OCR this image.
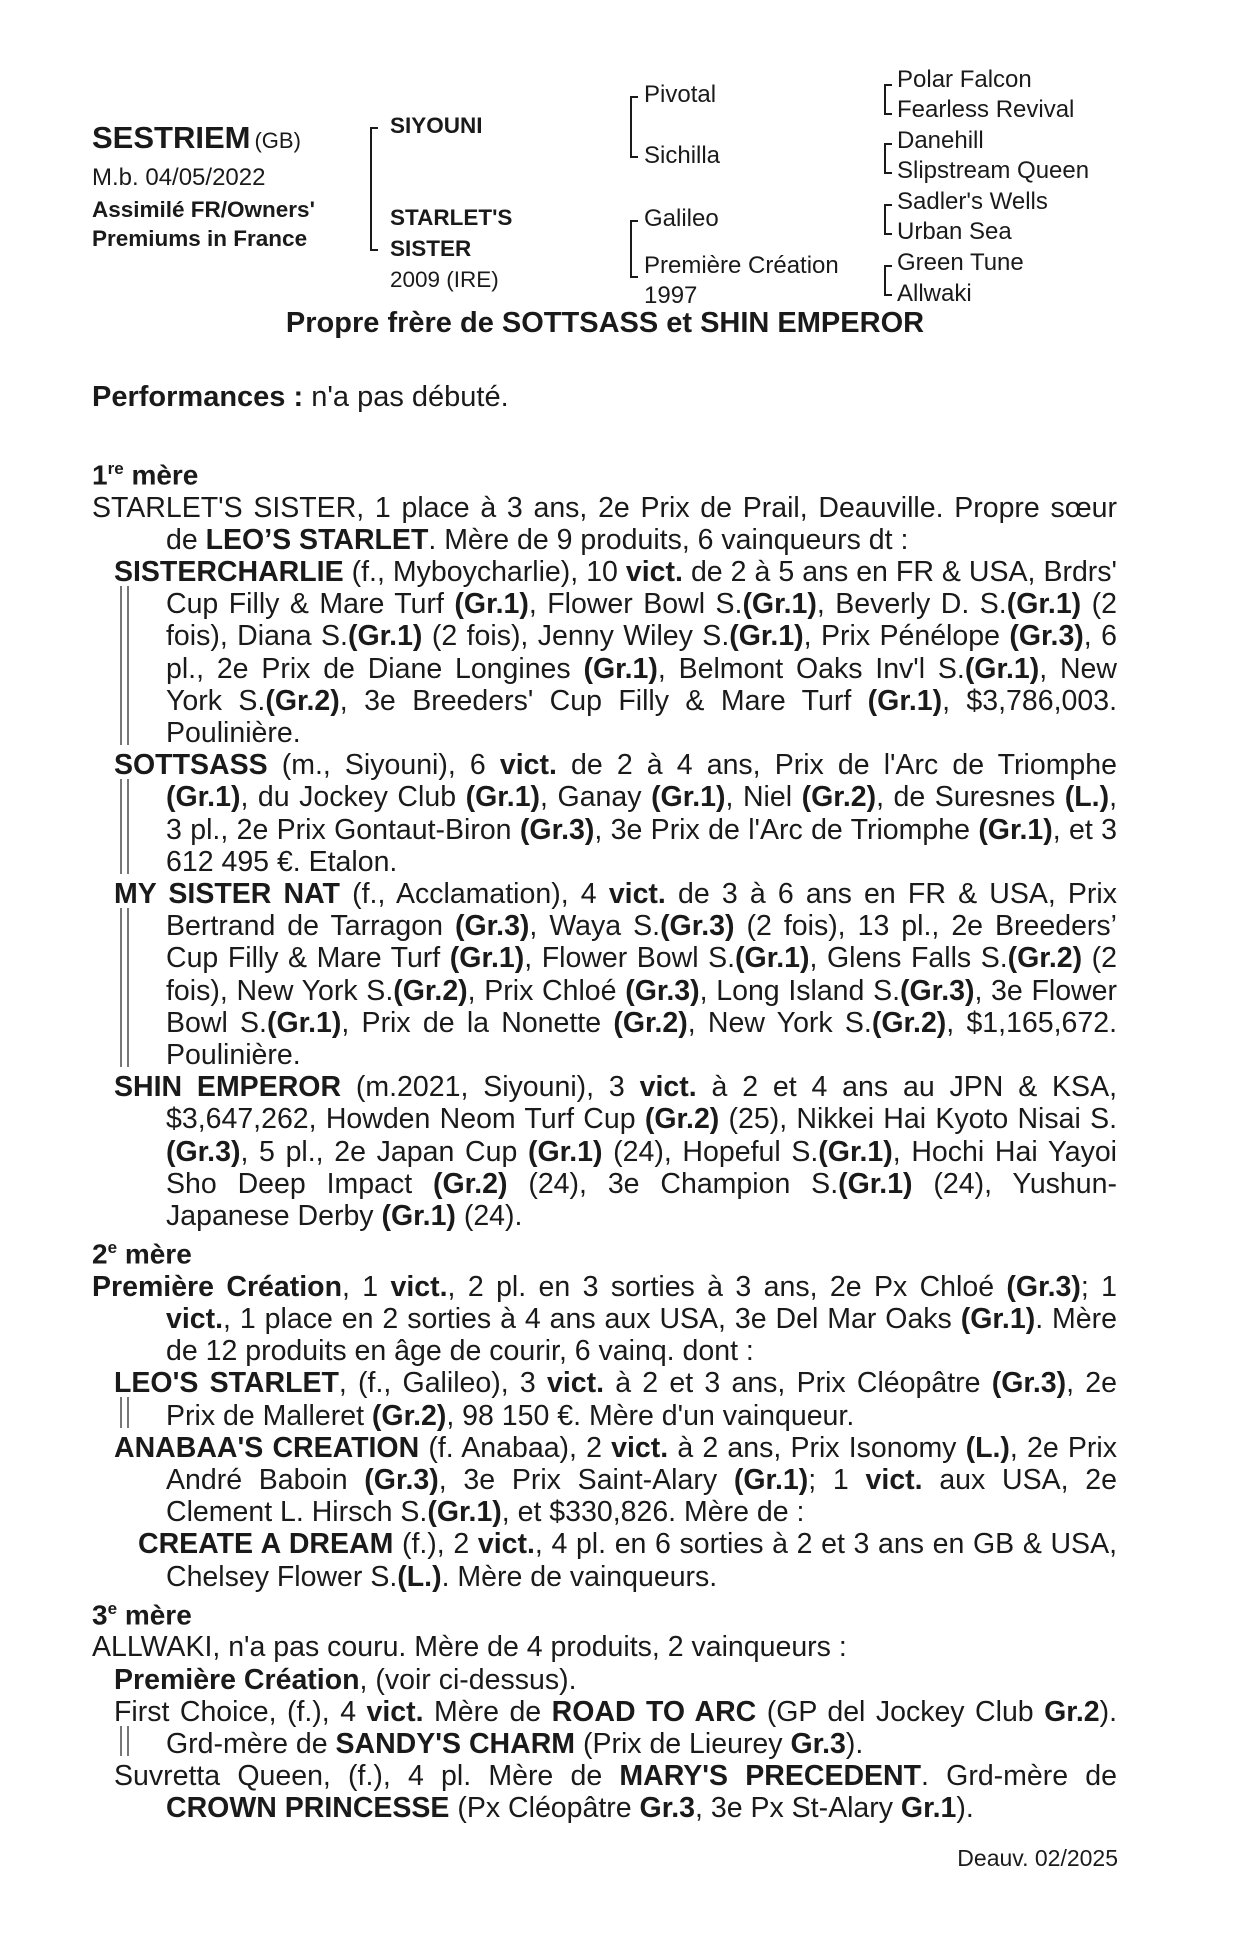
SESTRIEM (GB)
M.b. 04/05/2022
Assimilé FR/Owners'
Premiums in France
SIYOUNI
STARLET'S
SISTER
2009 (IRE)
Pivotal
Sichilla
Galileo
Première Création
1997
Polar Falcon
Fearless Revival
Danehill
Slipstream Queen
Sadler's Wells
Urban Sea
Green Tune
Allwaki
Propre frère de SOTTSASS et SHIN EMPEROR
Performances : n'a pas débuté.
1re mère
STARLET'S SISTER, 1 place à 3 ans, 2e Prix de Prail, Deauville. Propre sœur de LEO’S STARLET. Mère de 9 produits, 6 vainqueurs dt :
SISTERCHARLIE (f., Myboycharlie), 10 vict. de 2 à 5 ans en FR & USA, Brdrs' Cup Filly & Mare Turf (Gr.1), Flower Bowl S.(Gr.1), Beverly D. S.(Gr.1) (2 fois), Diana S.(Gr.1) (2 fois), Jenny Wiley S.(Gr.1), Prix Pénélope (Gr.3), 6 pl., 2e Prix de Diane Longines (Gr.1), Belmont Oaks Inv'l S.(Gr.1), New York S.(Gr.2), 3e Breeders' Cup Filly & Mare Turf (Gr.1), $3,786,003. Poulinière.
SOTTSASS (m., Siyouni), 6 vict. de 2 à 4 ans, Prix de l'Arc de Triomphe (Gr.1), du Jockey Club (Gr.1), Ganay (Gr.1), Niel (Gr.2), de Suresnes (L.), 3 pl., 2e Prix Gontaut-Biron (Gr.3), 3e Prix de l'Arc de Triomphe (Gr.1), et 3 612 495 €. Etalon.
MY SISTER NAT (f., Acclamation), 4 vict. de 3 à 6 ans en FR & USA, Prix Bertrand de Tarragon (Gr.3), Waya S.(Gr.3) (2 fois), 13 pl., 2e Breeders’ Cup Filly & Mare Turf (Gr.1), Flower Bowl S.(Gr.1), Glens Falls S.(Gr.2) (2 fois), New York S.(Gr.2), Prix Chloé (Gr.3), Long Island S.(Gr.3), 3e Flower Bowl S.(Gr.1), Prix de la Nonette (Gr.2), New York S.(Gr.2), $1,165,672. Poulinière.
SHIN EMPEROR (m.2021, Siyouni), 3 vict. à 2 et 4 ans au JPN & KSA, $3,647,262, Howden Neom Turf Cup (Gr.2) (25), Nikkei Hai Kyoto Nisai S.(Gr.3), 5 pl., 2e Japan Cup (Gr.1) (24), Hopeful S.(Gr.1), Hochi Hai Yayoi Sho Deep Impact (Gr.2) (24), 3e Champion S.(Gr.1) (24), Yushun-Japanese Derby (Gr.1) (24).
2e mère
Première Création, 1 vict., 2 pl. en 3 sorties à 3 ans, 2e Px Chloé (Gr.3); 1 vict., 1 place en 2 sorties à 4 ans aux USA, 3e Del Mar Oaks (Gr.1). Mère de 12 produits en âge de courir, 6 vainq. dont :
LEO'S STARLET, (f., Galileo), 3 vict. à 2 et 3 ans, Prix Cléopâtre (Gr.3), 2e Prix de Malleret (Gr.2), 98 150 €. Mère d'un vainqueur.
ANABAA'S CREATION (f. Anabaa), 2 vict. à 2 ans, Prix Isonomy (L.), 2e Prix André Baboin (Gr.3), 3e Prix Saint-Alary (Gr.1); 1 vict. aux USA, 2e Clement L. Hirsch S.(Gr.1), et $330,826. Mère de :
CREATE A DREAM (f.), 2 vict., 4 pl. en 6 sorties à 2 et 3 ans en GB & USA, Chelsey Flower S.(L.). Mère de vainqueurs.
3e mère
ALLWAKI, n'a pas couru. Mère de 4 produits, 2 vainqueurs :
Première Création, (voir ci-dessus).
First Choice, (f.), 4 vict. Mère de ROAD TO ARC (GP del Jockey Club Gr.2). Grd-mère de SANDY'S CHARM (Prix de Lieurey Gr.3).
Suvretta Queen, (f.), 4 pl. Mère de MARY'S PRECEDENT. Grd-mère de CROWN PRINCESSE (Px Cléopâtre Gr.3, 3e Px St-Alary Gr.1).
Deauv. 02/2025
